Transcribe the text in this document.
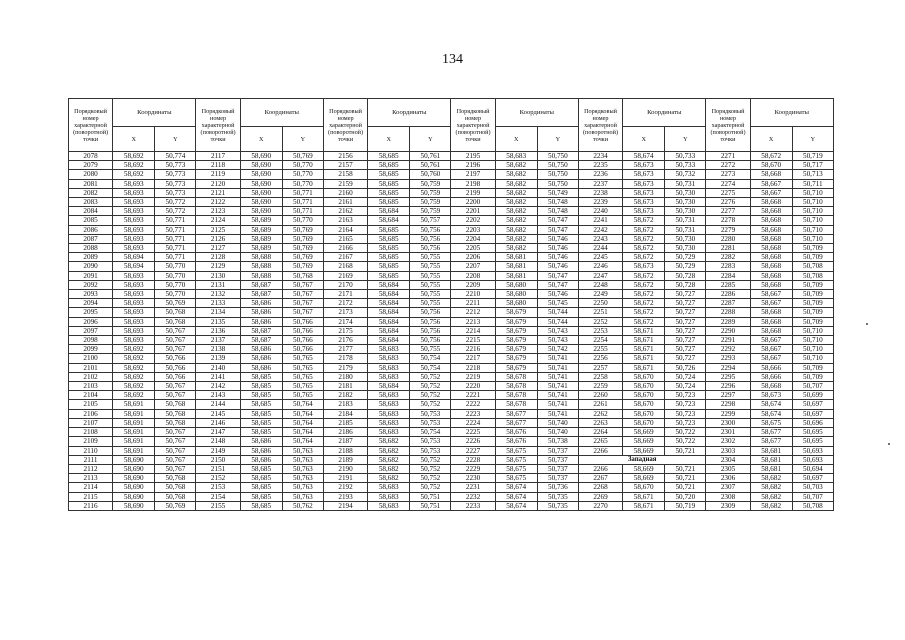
134
Порядковый номер характерной (поворотной) точки	Координаты		Порядковый номер характерной (поворотной) точки	Координаты		Порядковый номер характерной (поворотной) точки	Координаты		Порядковый номер характерной (поворотной) точки	Координаты		Порядковый номер характерной (поворотной) точки	Координаты		Порядковый номер характерной (поворотной) точки	Координаты	
	X	Y		X	Y		X	Y		X	Y		X	Y		X	Y
2078	58,692	50,774	2117	58,690	50,769	2156	58,685	50,761	2195	58,683	50,750	2234	58,674	50,733	2271	58,672	50,719
2079	58,692	50,773	2118	58,690	50,770	2157	58,685	50,761	2196	58,682	50,750	2235	58,673	50,733	2272	58,670	50,717
2080	58,692	50,773	2119	58,690	50,770	2158	58,685	50,760	2197	58,682	50,750	2236	58,673	50,732	2273	58,668	50,713
2081	58,693	50,773	2120	58,690	50,770	2159	58,685	50,759	2198	58,682	50,750	2237	58,673	50,731	2274	58,667	50,711
2082	58,693	50,773	2121	58,690	50,771	2160	58,685	50,759	2199	58,682	50,749	2238	58,673	50,730	2275	58,667	50,710
2083	58,693	50,772	2122	58,690	50,771	2161	58,685	50,759	2200	58,682	50,748	2239	58,673	50,730	2276	58,668	50,710
2084	58,693	50,772	2123	58,690	50,771	2162	58,684	50,759	2201	58,682	50,748	2240	58,673	50,730	2277	58,668	50,710
2085	58,693	50,771	2124	58,689	50,770	2163	58,684	50,757	2202	58,682	50,747	2241	58,672	50,731	2278	58,668	50,710
2086	58,693	50,771	2125	58,689	50,769	2164	58,685	50,756	2203	58,682	50,747	2242	58,672	50,731	2279	58,668	50,710
2087	58,693	50,771	2126	58,689	50,769	2165	58,685	50,756	2204	58,682	50,746	2243	58,672	50,730	2280	58,668	50,710
2088	58,693	50,771	2127	58,689	50,769	2166	58,685	50,756	2205	58,682	50,746	2244	58,672	50,730	2281	58,668	50,709
2089	58,694	50,771	2128	58,688	50,769	2167	58,685	50,755	2206	58,681	50,746	2245	58,672	50,729	2282	58,668	50,709
2090	58,694	50,770	2129	58,688	50,769	2168	58,685	50,755	2207	58,681	50,746	2246	58,673	50,729	2283	58,668	50,708
2091	58,693	50,770	2130	58,688	50,768	2169	58,685	50,755	2208	58,681	50,747	2247	58,672	50,728	2284	58,668	50,708
2092	58,693	50,770	2131	58,687	50,767	2170	58,684	50,755	2209	58,680	50,747	2248	58,672	50,728	2285	58,668	50,709
2093	58,693	50,770	2132	58,687	50,767	2171	58,684	50,755	2210	58,680	50,746	2249	58,672	50,727	2286	58,667	50,709
2094	58,693	50,769	2133	58,686	50,767	2172	58,684	50,755	2211	58,680	50,745	2250	58,672	50,727	2287	58,667	50,709
2095	58,693	50,768	2134	58,686	50,767	2173	58,684	50,756	2212	58,679	50,744	2251	58,672	50,727	2288	58,668	50,709
2096	58,693	50,768	2135	58,686	50,766	2174	58,684	50,756	2213	58,679	50,744	2252	58,672	50,727	2289	58,668	50,709
2097	58,693	50,767	2136	58,687	50,766	2175	58,684	50,756	2214	58,679	50,743	2253	58,671	50,727	2290	58,668	50,710
2098	58,693	50,767	2137	58,687	50,766	2176	58,684	50,756	2215	58,679	50,743	2254	58,671	50,727	2291	58,667	50,710
2099	58,692	50,767	2138	58,686	50,766	2177	58,683	50,755	2216	58,679	50,742	2255	58,671	50,727	2292	58,667	50,710
2100	58,692	50,766	2139	58,686	50,765	2178	58,683	50,754	2217	58,679	50,741	2256	58,671	50,727	2293	58,667	50,710
2101	58,692	50,766	2140	58,686	50,765	2179	58,683	50,754	2218	58,679	50,741	2257	58,671	50,726	2294	58,666	50,709
2102	58,692	50,766	2141	58,685	50,765	2180	58,683	50,752	2219	58,678	50,741	2258	58,670	50,724	2295	58,666	50,709
2103	58,692	50,767	2142	58,685	50,765	2181	58,684	50,752	2220	58,678	50,741	2259	58,670	50,724	2296	58,668	50,707
2104	58,692	50,767	2143	58,685	50,765	2182	58,683	50,752	2221	58,678	50,741	2260	58,670	50,723	2297	58,673	50,699
2105	58,691	50,768	2144	58,685	50,764	2183	58,683	50,752	2222	58,678	50,741	2261	58,670	50,723	2298	58,674	50,697
2106	58,691	50,768	2145	58,685	50,764	2184	58,683	50,753	2223	58,677	50,741	2262	58,670	50,723	2299	58,674	50,697
2107	58,691	50,768	2146	58,685	50,764	2185	58,683	50,753	2224	58,677	50,740	2263	58,670	50,723	2300	58,675	50,696
2108	58,691	50,767	2147	58,685	50,764	2186	58,683	50,754	2225	58,676	50,740	2264	58,669	50,722	2301	58,677	50,695
2109	58,691	50,767	2148	58,686	50,764	2187	58,682	50,753	2226	58,676	50,738	2265	58,669	50,722	2302	58,677	50,695
2110	58,691	50,767	2149	58,686	50,763	2188	58,682	50,753	2227	58,675	50,737	2266	58,669	50,721	2303	58,681	50,693
2111	58,690	50,767	2150	58,686	50,763	2189	58,682	50,752	2228	58,675	50,737	Западная			2304	58,681	50,693
2112	58,690	50,767	2151	58,685	50,763	2190	58,682	50,752	2229	58,675	50,737	2266	58,669	50,721	2305	58,681	50,694
2113	58,690	50,768	2152	58,685	50,763	2191	58,682	50,752	2230	58,675	50,737	2267	58,669	50,721	2306	58,682	50,697
2114	58,690	50,768	2153	58,685	50,763	2192	58,683	50,752	2231	58,674	50,736	2268	58,670	50,721	2307	58,682	50,703
2115	58,690	50,768	2154	58,685	50,763	2193	58,683	50,751	2232	58,674	50,735	2269	58,671	50,720	2308	58,682	50,707
2116	58,690	50,769	2155	58,685	50,762	2194	58,683	50,751	2233	58,674	50,735	2270	58,671	50,719	2309	58,682	50,708
